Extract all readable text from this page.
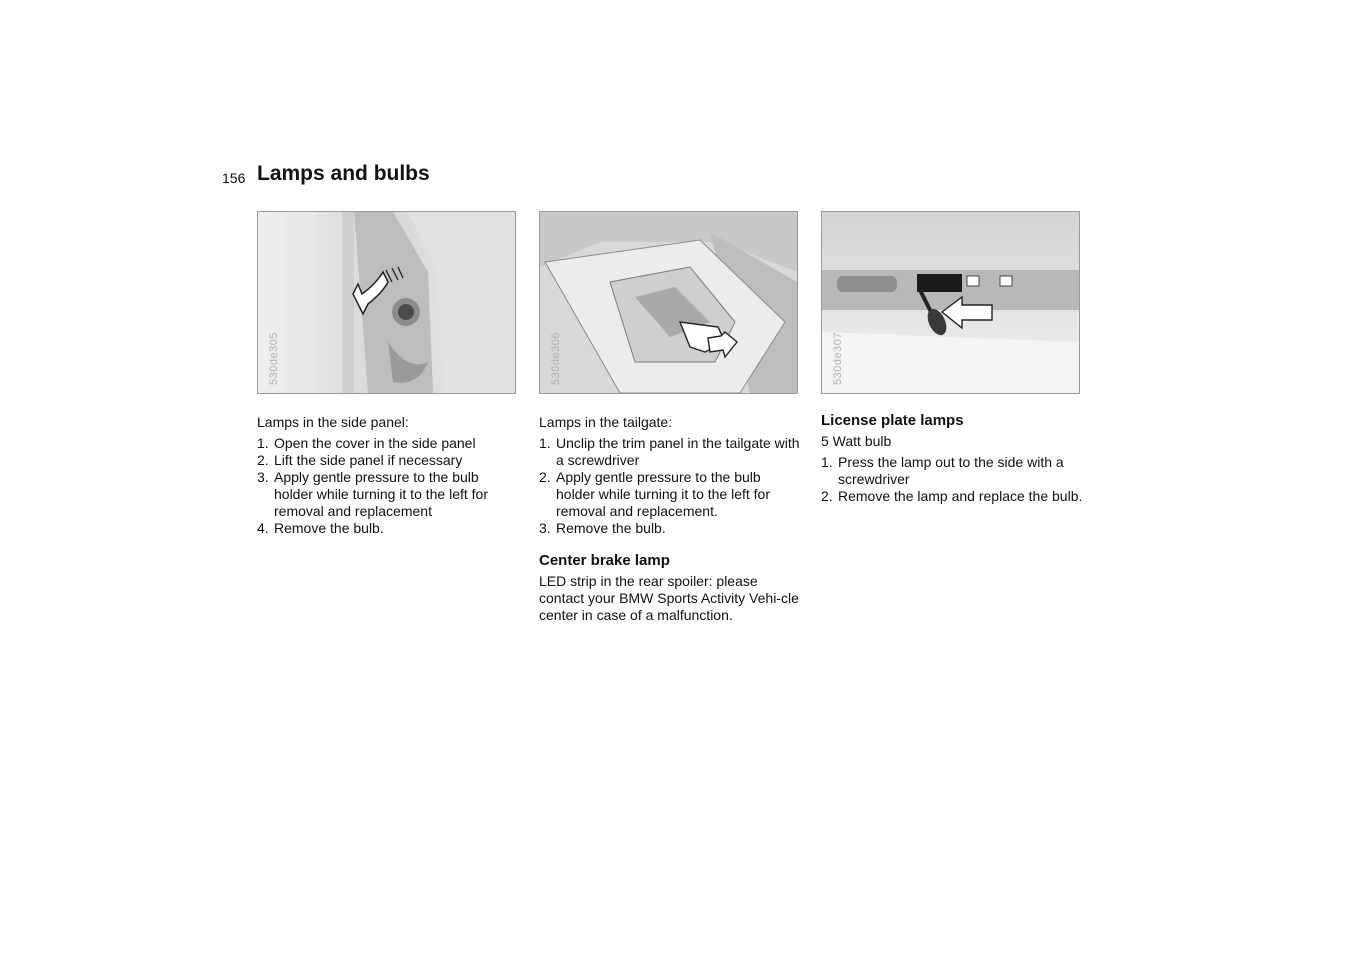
156 Lamps and bulbs
530de305	530de306	530de307

Lamps in the side panel:

1. Open the cover in the side panel
2. Lift the side panel if necessary
3. Apply gentle pressure to the bulb holder while turning it to the left for removal and replacement
4. Remove the bulb.

Lamps in the tailgate:

1. Unclip the trim panel in the tailgate with a screwdriver
2. Apply gentle pressure to the bulb holder while turning it to the left for removal and replacement.
3. Remove the bulb.
Center brake lamp

LED strip in the rear spoiler: please contact your BMW Sports Activity Vehi-cle center in case of a malfunction.

License plate lamps

5 Watt bulb

1. Press the lamp out to the side with a screwdriver
2. Remove the lamp and replace the bulb.
